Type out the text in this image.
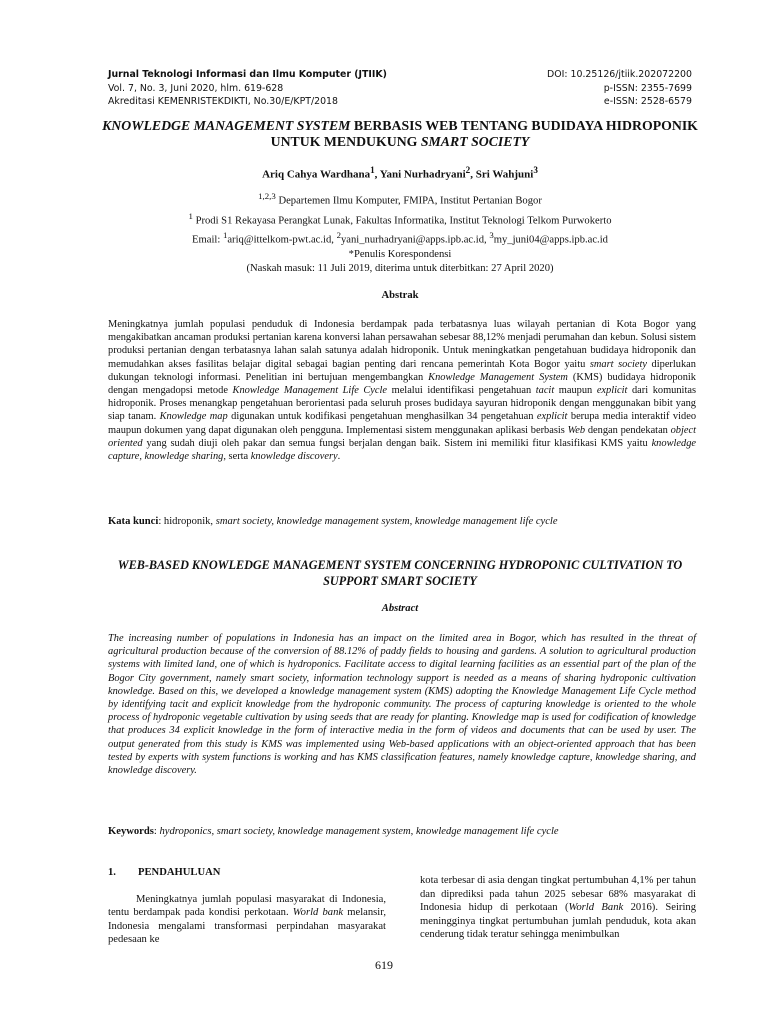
Jurnal Teknologi Informasi dan Ilmu Komputer (JTIIK)	DOI: 10.25126/jtiik.202072200
Vol. 7, No. 3, Juni 2020, hlm. 619-628	p-ISSN: 2355-7699
Akreditasi KEMENRISTEKDIKTI, No.30/E/KPT/2018	e-ISSN: 2528-6579
KNOWLEDGE MANAGEMENT SYSTEM BERBASIS WEB TENTANG BUDIDAYA HIDROPONIK UNTUK MENDUKUNG SMART SOCIETY
Ariq Cahya Wardhana$^1$, Yani Nurhadryani$^2$, Sri Wahjuni$^3$
$^{1,2,3}$ Departemen Ilmu Komputer, FMIPA, Institut Pertanian Bogor
$^1$ Prodi S1 Rekayasa Perangkat Lunak, Fakultas Informatika, Institut Teknologi Telkom Purwokerto
Email: $^1$ariq@ittelkom-pwt.ac.id, $^2$yani_nurhadryani@apps.ipb.ac.id, $^3$my_juni04@apps.ipb.ac.id
*Penulis Korespondensi
(Naskah masuk: 11 Juli 2019, diterima untuk diterbitkan: 27 April 2020)
Abstrak

Meningkatnya jumlah populasi penduduk di Indonesia berdampak pada terbatasnya luas wilayah pertanian di Kota Bogor yang mengakibatkan ancaman produksi pertanian karena konversi lahan persawahan sebesar 88,12% menjadi perumahan dan kebun. Solusi sistem produksi pertanian dengan terbatasnya lahan salah satunya adalah hidroponik. Untuk meningkatkan pengetahuan budidaya hidroponik dan memudahkan akses fasilitas belajar digital sebagai bagian penting dari rencana pemerintah Kota Bogor yaitu smart society diperlukan dukungan teknologi informasi. Penelitian ini bertujuan mengembangkan Knowledge Management System (KMS) budidaya hidroponik dengan mengadopsi metode Knowledge Management Life Cycle melalui identifikasi pengetahuan tacit maupun explicit dari komunitas hidroponik. Proses menangkap pengetahuan berorientasi pada seluruh proses budidaya sayuran hidroponik dengan menggunakan bibit yang siap tanam. Knowledge map digunakan untuk kodifikasi pengetahuan menghasilkan 34 pengetahuan explicit berupa media interaktif video maupun dokumen yang dapat digunakan oleh pengguna. Implementasi sistem menggunakan aplikasi berbasis Web dengan pendekatan object oriented yang sudah diuji oleh pakar dan semua fungsi berjalan dengan baik. Sistem ini memiliki fitur klasifikasi KMS yaitu knowledge capture, knowledge sharing, serta knowledge discovery.

Kata kunci: hidroponik, smart society, knowledge management system, knowledge management life cycle
WEB-BASED KNOWLEDGE MANAGEMENT SYSTEM CONCERNING HYDROPONIC CULTIVATION TO SUPPORT SMART SOCIETY
Abstract

The increasing number of populations in Indonesia has an impact on the limited area in Bogor, which has resulted in the threat of agricultural production because of the conversion of 88.12% of paddy fields to housing and gardens. A solution to agricultural production systems with limited land, one of which is hydroponics. Facilitate access to digital learning facilities as an essential part of the plan of the Bogor City government, namely smart society, information technology support is needed as a means of sharing hydroponic cultivation knowledge. Based on this, we developed a knowledge management system (KMS) adopting the Knowledge Management Life Cycle method by identifying tacit and explicit knowledge from the hydroponic community. The process of capturing knowledge is oriented to the whole process of hydroponic vegetable cultivation by using seeds that are ready for planting. Knowledge map is used for codification of knowledge that produces 34 explicit knowledge in the form of interactive media in the form of videos and documents that can be used by user. The output generated from this study is KMS was implemented using Web-based applications with an object-oriented approach that has been tested by experts with system functions is working and has KMS classification features, namely knowledge capture, knowledge sharing, and knowledge discovery.

Keywords: hydroponics, smart society, knowledge management system, knowledge management life cycle
1.	PENDAHULUAN

Meningkatnya jumlah populasi masyarakat di Indonesia, tentu berdampak pada kondisi perkotaan. World bank melansir, Indonesia mengalami transformasi perpindahan masyarakat pedesaan ke

kota terbesar di asia dengan tingkat pertumbuhan 4,1% per tahun dan diprediksi pada tahun 2025 sebesar 68% masyarakat di Indonesia hidup di perkotaan (World Bank 2016). Seiring meningginya tingkat pertumbuhan jumlah penduduk, kota akan cenderung tidak teratur sehingga menimbulkan

619
